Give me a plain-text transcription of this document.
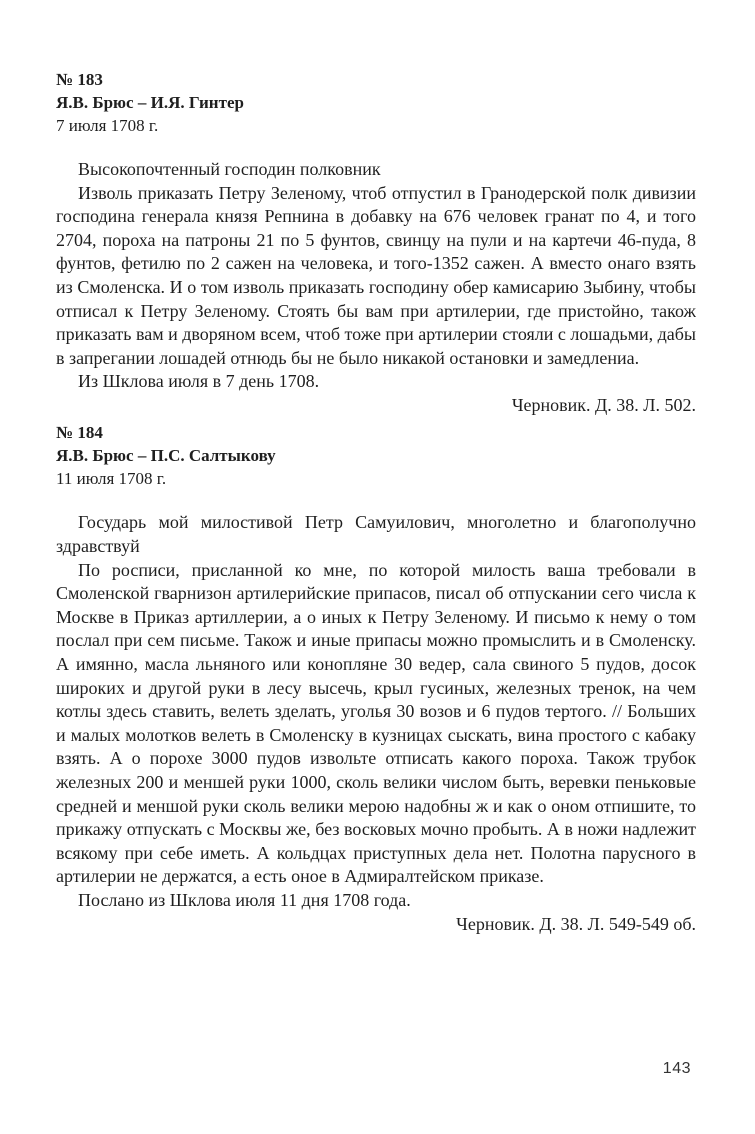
№ 183

Я.В. Брюс – И.Я. Гинтер

7 июля 1708 г.

Высокопочтенный господин полковник

Изволь приказать Петру Зеленому, чтоб отпустил в Гранодерской полк дивизии господина генерала князя Репнина в добавку на 676 человек гранат по 4, и того 2704, пороха на патроны 21 по 5 фунтов, свинцу на пули и на картечи 46-пуда, 8 фунтов, фетилю по 2 сажен на человека, и того-1352 сажен. А вместо онаго взять из Смоленска. И о том изволь приказать господину обер камисарию Зыбину, чтобы отписал к Петру Зеленому. Стоять бы вам при артилерии, где пристойно, також приказать вам и дворяном всем, чтоб тоже при артилерии стояли с лошадьми, дабы в запрегании лошадей отнюдь бы не было никакой остановки и замедлениа.

Из Шклова июля в 7 день 1708.

Черновик. Д. 38. Л. 502.

№ 184

Я.В. Брюс – П.С. Салтыкову

11 июля 1708 г.

Государь мой милостивой Петр Самуилович, многолетно и благополучно здравствуй

По росписи, присланной ко мне, по которой милость ваша требовали в Смоленской гварнизон артилерийские припасов, писал об отпускании сего числа к Москве в Приказ артиллерии, а о иных к Петру Зеленому. И письмо к нему о том послал при сем письме. Також и иные припасы можно промыслить и в Смоленску. А имянно, масла льняного или конопляне 30 ведер, сала свиного 5 пудов, досок широких и другой руки в лесу высечь, крыл гусиных, железных тренок, на чем котлы здесь ставить, велеть зделать, уголья 30 возов и 6 пудов тертого. // Больших и малых молотков велеть в Смоленску в кузницах сыскать, вина простого с кабаку взять. А о порохе 3000 пудов извольте отписать какого пороха. Також трубок железных 200 и меншей руки 1000, сколь велики числом быть, веревки пеньковые средней и меншой руки сколь велики мерою надобны ж и как о оном отпишите, то прикажу отпускать с Москвы же, без восковых мочно пробыть. А в ножи надлежит всякому при себе иметь. А кольдцах приступных дела нет. Полотна парусного в артилерии не держатся, а есть оное в Адмиралтейском приказе.

Послано из Шклова июля 11 дня 1708 года.

Черновик. Д. 38. Л. 549-549 об.

143
